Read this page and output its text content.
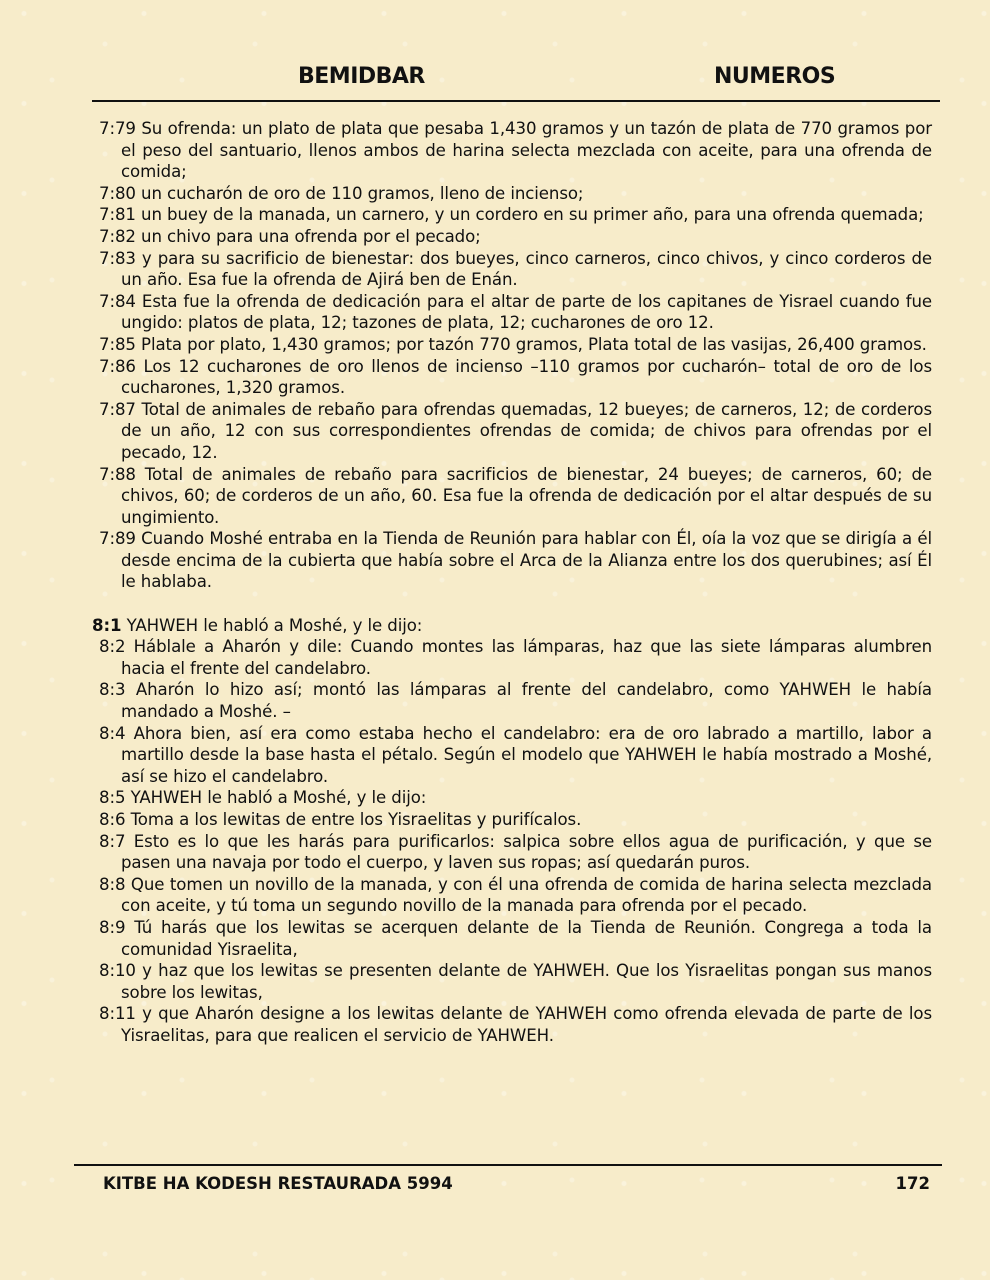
BEMIDBAR	NUMEROS

7:79 Su ofrenda: un plato de plata que pesaba 1,430 gramos y un tazón de plata de 770 gramos por el peso del santuario, llenos ambos de harina selecta mezclada con aceite, para una ofrenda de comida;

7:80 un cucharón de oro de 110 gramos, lleno de incienso;

7:81 un buey de la manada, un carnero, y un cordero en su primer año, para una ofrenda quemada;

7:82 un chivo para una ofrenda por el pecado;

7:83 y para su sacrificio de bienestar: dos bueyes, cinco carneros, cinco chivos, y cinco corderos de un año. Esa fue la ofrenda de Ajirá ben de Enán.

7:84 Esta fue la ofrenda de dedicación para el altar de parte de los capitanes de Yisrael cuando fue ungido: platos de plata, 12; tazones de plata, 12; cucharones de oro 12.

7:85 Plata por plato, 1,430 gramos; por tazón 770 gramos, Plata total de las vasijas, 26,400 gramos.

7:86 Los 12 cucharones de oro llenos de incienso –110 gramos por cucharón– total de oro de los cucharones, 1,320 gramos.

7:87 Total de animales de rebaño para ofrendas quemadas, 12 bueyes; de carneros, 12; de corderos de un año, 12 con sus correspondientes ofrendas de comida; de chivos para ofrendas por el pecado, 12.

7:88 Total de animales de rebaño para sacrificios de bienestar, 24 bueyes; de carneros, 60; de chivos, 60; de corderos de un año, 60. Esa fue la ofrenda de dedicación por el altar después de su ungimiento.

7:89 Cuando Moshé entraba en la Tienda de Reunión para hablar con Él, oía la voz que se dirigía a él desde encima de la cubierta que había sobre el Arca de la Alianza entre los dos querubines; así Él le hablaba.

8:1 YAHWEH le habló a Moshé, y le dijo:

8:2 Háblale a Aharón y dile: Cuando montes las lámparas, haz que las siete lámparas alumbren hacia el frente del candelabro.

8:3 Aharón lo hizo así; montó las lámparas al frente del candelabro, como YAHWEH le había mandado a Moshé. –

8:4 Ahora bien, así era como estaba hecho el candelabro: era de oro labrado a martillo, labor a martillo desde la base hasta el pétalo. Según el modelo que YAHWEH le había mostrado a Moshé, así se hizo el candelabro.

8:5 YAHWEH le habló a Moshé, y le dijo:

8:6 Toma a los lewitas de entre los Yisraelitas y purifícalos.

8:7 Esto es lo que les harás para purificarlos: salpica sobre ellos agua de purificación, y que se pasen una navaja por todo el cuerpo, y laven sus ropas; así quedarán puros.

8:8 Que tomen un novillo de la manada, y con él una ofrenda de comida de harina selecta mezclada con aceite, y tú toma un segundo novillo de la manada para ofrenda por el pecado.

8:9 Tú harás que los lewitas se acerquen delante de la Tienda de Reunión. Congrega a toda la comunidad Yisraelita,

8:10 y haz que los lewitas se presenten delante de YAHWEH. Que los Yisraelitas pongan sus manos sobre los lewitas,

8:11 y que Aharón designe a los lewitas delante de YAHWEH como ofrenda elevada de parte de los Yisraelitas, para que realicen el servicio de YAHWEH.

KITBE HA KODESH RESTAURADA 5994	172
